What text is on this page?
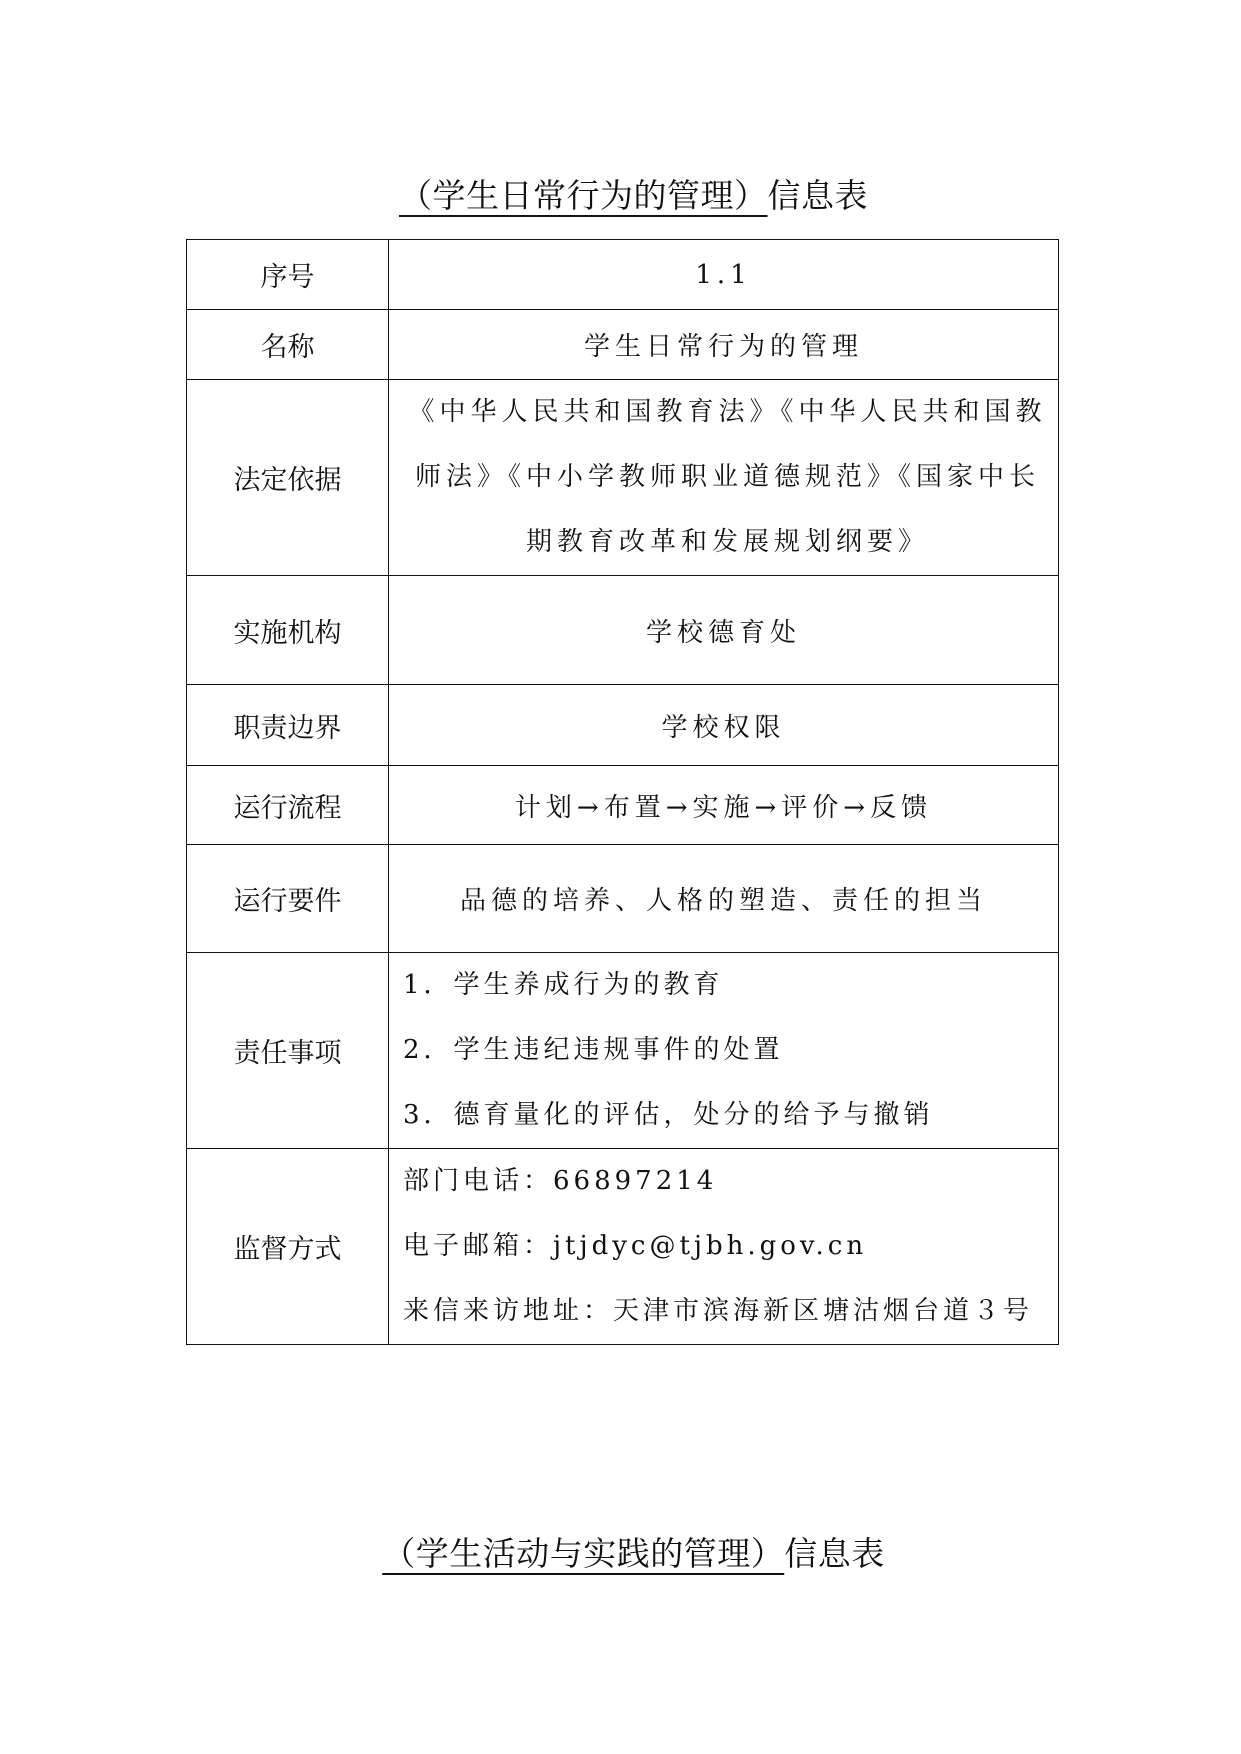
（学生日常行为的管理）信息表
序号	1.1
名称	学生日常行为的管理
法定依据	《中华人民共和国教育法》《中华人民共和国教师法》《中小学教师职业道德规范》《国家中长期教育改革和发展规划纲要》
实施机构	学校德育处
职责边界	学校权限
运行流程	计划→布置→实施→评价→反馈
运行要件	品德的培养、人格的塑造、责任的担当
责任事项	1．学生养成行为的教育
2．学生违纪违规事件的处置
3．德育量化的评估，处分的给予与撤销

监督方式	部门电话：66897214
电子邮箱：jtjdyc@tjbh.gov.cn
来信来访地址：天津市滨海新区塘沽烟台道３号
（学生活动与实践的管理）信息表
